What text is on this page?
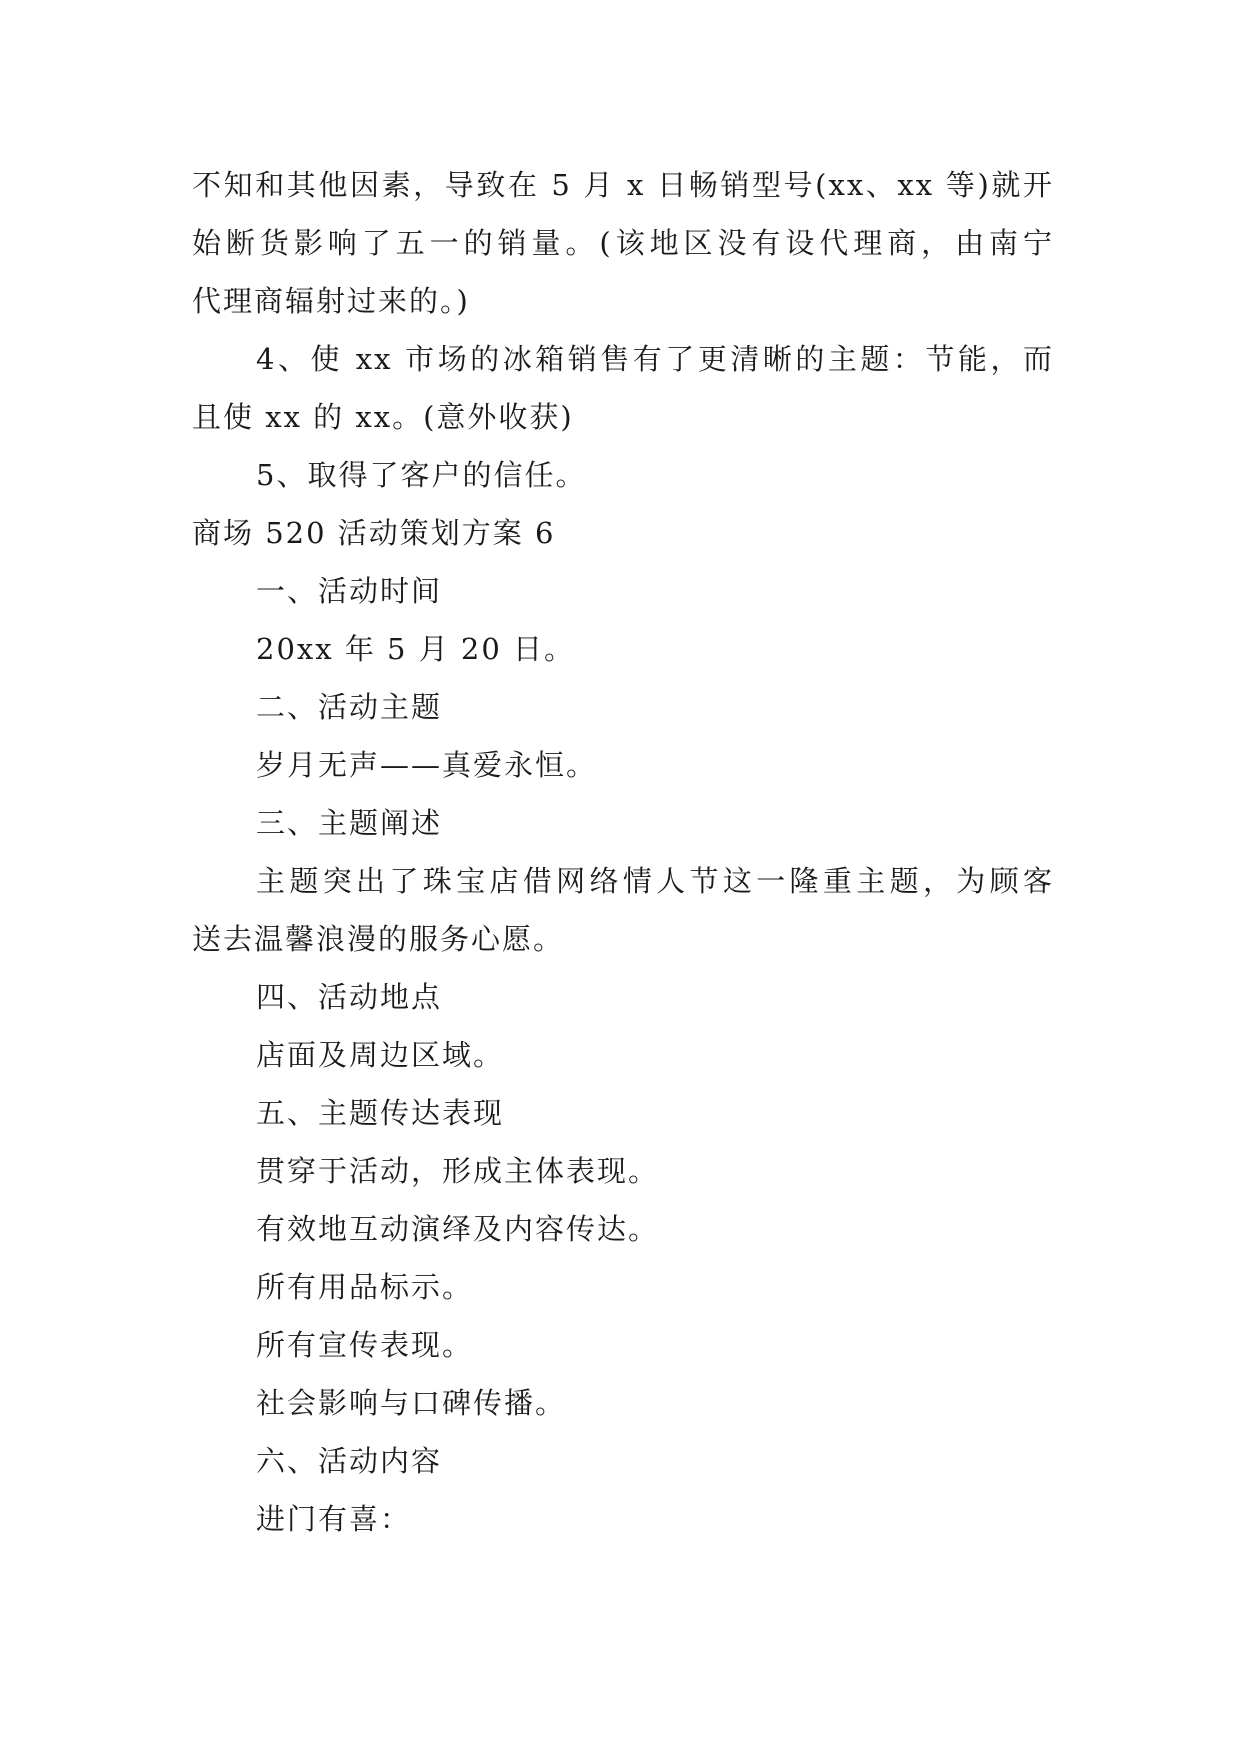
不知和其他因素，导致在 5 月 x 日畅销型号(xx、xx 等)就开
始断货影响了五一的销量。(该地区没有设代理商，由南宁
代理商辐射过来的。)
4、使 xx 市场的冰箱销售有了更清晰的主题：节能，而
且使 xx 的 xx。(意外收获)
5、取得了客户的信任。
商场 520 活动策划方案 6
一、活动时间
20xx 年 5 月 20 日。
二、活动主题
岁月无声——真爱永恒。
三、主题阐述
主题突出了珠宝店借网络情人节这一隆重主题，为顾客
送去温馨浪漫的服务心愿。
四、活动地点
店面及周边区域。
五、主题传达表现
贯穿于活动，形成主体表现。
有效地互动演绎及内容传达。
所有用品标示。
所有宣传表现。
社会影响与口碑传播。
六、活动内容
进门有喜：
